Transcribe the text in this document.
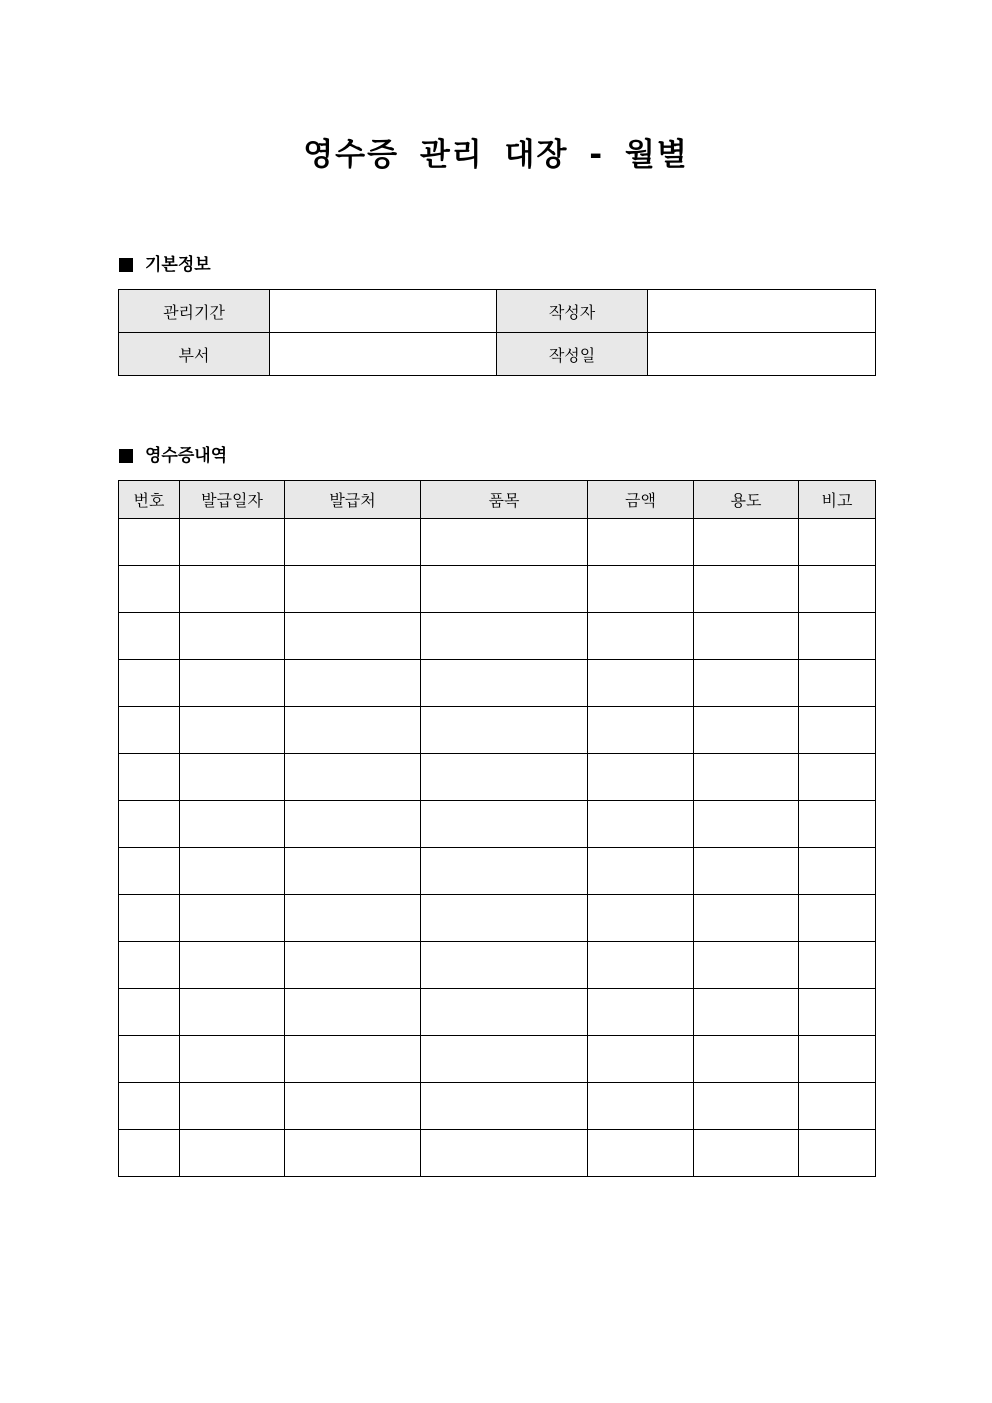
영수증 관리 대장 - 월별
기본정보
관리기간		작성자	
부서		작성일	
영수증내역
번호	발급일자	발급처	품목	금액	용도	비고
